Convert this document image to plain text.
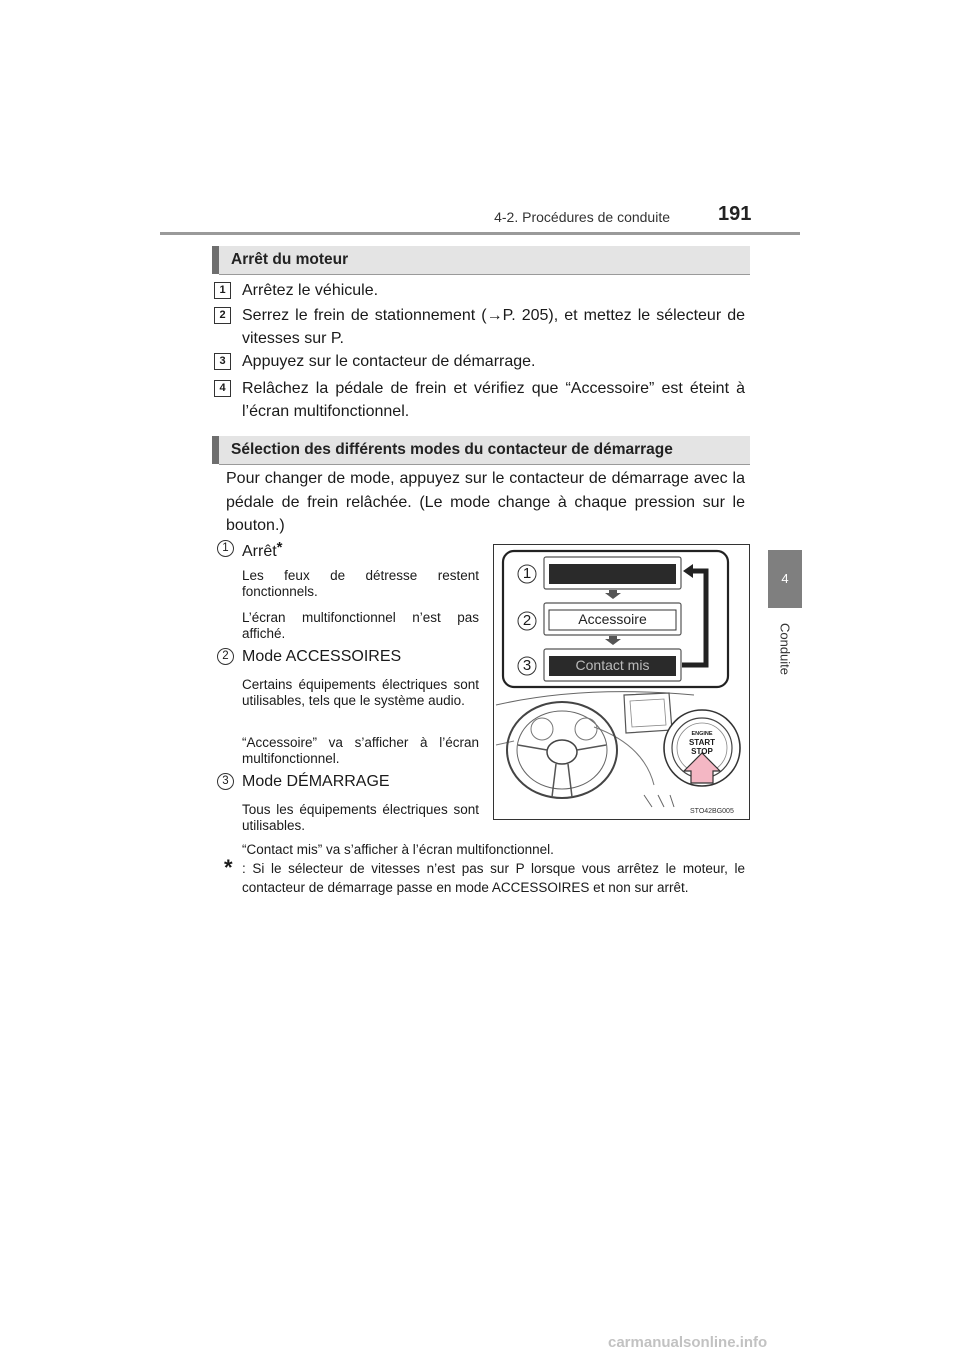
4-2. Procédures de conduite 191
4
Conduite
Arrêt du moteur
1	Arrêtez le véhicule.
2	Serrez le frein de stationnement (→P. 205), et mettez le sélecteur de vitesses sur P.
3	Appuyez sur le contacteur de démarrage.
4	Relâchez la pédale de frein et vérifiez que “Accessoire” est éteint à l’écran multifonctionnel.
Sélection des différents modes du contacteur de démarrage
Pour changer de mode, appuyez sur le contacteur de démarrage avec la pédale de frein relâchée. (Le mode change à chaque pression sur le bouton.)
1 Arrêt*
Les feux de détresse restent fonctionnels.
L’écran multifonctionnel n’est pas affiché.
2 Mode ACCESSOIRES
Certains équipements électriques sont utilisables, tels que le système audio.
“Accessoire” va s’afficher à l’écran multifonctionnel.
3 Mode DÉMARRAGE
Tous les équipements électriques sont utilisables.
“Contact mis” va s’afficher à l’écran multifonctionnel.
* : Si le sélecteur de vitesses n’est pas sur P lorsque vous arrêtez le moteur, le contacteur de démarrage passe en mode ACCESSOIRES et non sur arrêt.
1
2
3
Accessoire
Contact mis
ENGINE
START
STOP
STO42BG005
carmanualsonline.info
